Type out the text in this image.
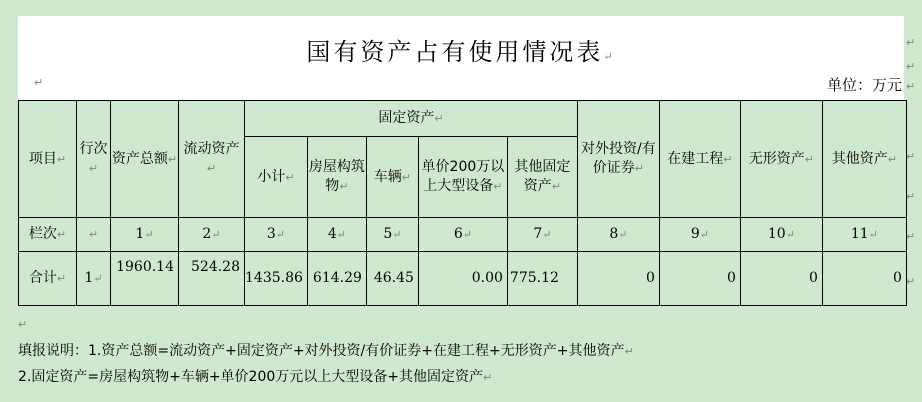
国有资产占有使用情况表↵
单位：万元
↵
项目↵	行次↵	资产总额↵	流动资产↵	固定资产↵					对外投资/有价证券↵	在建工程↵	无形资产↵	其他资产↵
				小计↵	房屋构筑物↵	车辆↵	单价200万以上大型设备↵	其他固定资产↵				
栏次↵	↵	1↵	2↵	3↵	4↵	5↵	6↵	7↵	8↵	9↵	10↵	11↵
合计↵	1↵	1960.14	524.28	1435.86	614.29	46.45	0.00	775.12	0	0	0	0
↵
填报说明：1.资产总额=流动资产+固定资产+对外投资/有价证券+在建工程+无形资产+其他资产↵
2.固定资产=房屋构筑物+车辆+单价200万元以上大型设备+其他固定资产↵
↵
↵
↵
↵
↵
↵
↵
